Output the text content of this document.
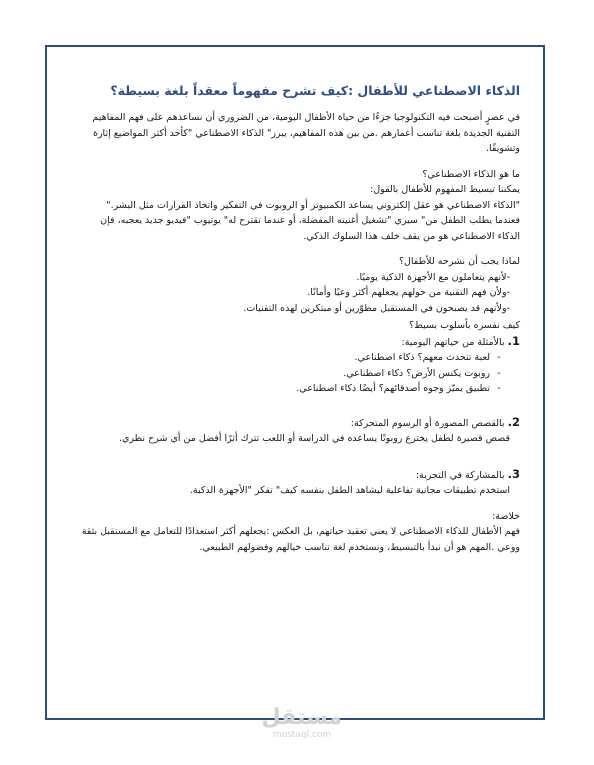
الذكاء الاصطناعي للأطفال :كيف تشرح مفهوماً معقداً بلغة بسيطة؟

في عصرٍ أصبحت فيه التكنولوجيا جزءًا من حياة الأطفال اليومية، من الضروري أن نساعدهم على فهم المفاهيم التقنية الجديدة بلغة تناسب أعمارهم .من بين هذه المفاهيم، يبرز" الذكاء الاصطناعي "كأحد أكثر المواضيع إثارة وتشويقًا.

ما هو الذكاء الاصطناعي؟

يمكننا تبسيط المفهوم للأطفال بالقول:

"الذكاء الاصطناعي هو عقل إلكتروني يساعد الكمبيوتر أو الروبوت في التفكير واتخاذ القرارات مثل البشر."

فعندما يطلب الطفل من" سيري "تشغيل أغنيته المفضلة، أو عندما تقترح له" يوتيوب "فيديو جديد يعجبه، فإن الذكاء الاصطناعي هو من يقف خلف هذا السلوك الذكي.

لماذا يجب أن نشرحه للأطفال؟

-لأنهم يتعاملون مع الأجهزة الذكية يوميًا.
-ولأن فهم التقنية من حولهم يجعلهم أكثر وعيًا وأمانًا.
-ولأنهم قد يصبحون في المستقبل مطوّرين أو مبتكرين لهذه التقنيات.

كيف نفسره بأسلوب بسيط؟

1. بالأمثلة من حياتهم اليومية:

- لعبة تتحدث معهم؟ ذكاء اصطناعي.
- روبوت يكنس الأرض؟ ذكاء اصطناعي.
- تطبيق يميّز وجوه أصدقائهم؟ أيضًا ذكاء اصطناعي.

2. بالقصص المصورة أو الرسوم المتحركة:

قصص قصيرة لطفل يخترع روبوتًا يساعده في الدراسة أو اللعب تترك أثرًا أفضل من أي شرح نظري.

3. بالمشاركة في التجربة:

استخدم تطبيقات مجانية تفاعلية ليشاهد الطفل بنفسه كيف" تفكر "الأجهزة الذكية.

خلاصة:

فهم الأطفال للذكاء الاصطناعي لا يعني تعقيد حياتهم، بل العكس :يجعلهم أكثر استعدادًا للتعامل مع المستقبل بثقة ووعي .المهم هو أن نبدأ بالتبسيط، ونستخدم لغة تناسب خيالهم وفضولهم الطبيعي.

مستقل
mostaql.com
